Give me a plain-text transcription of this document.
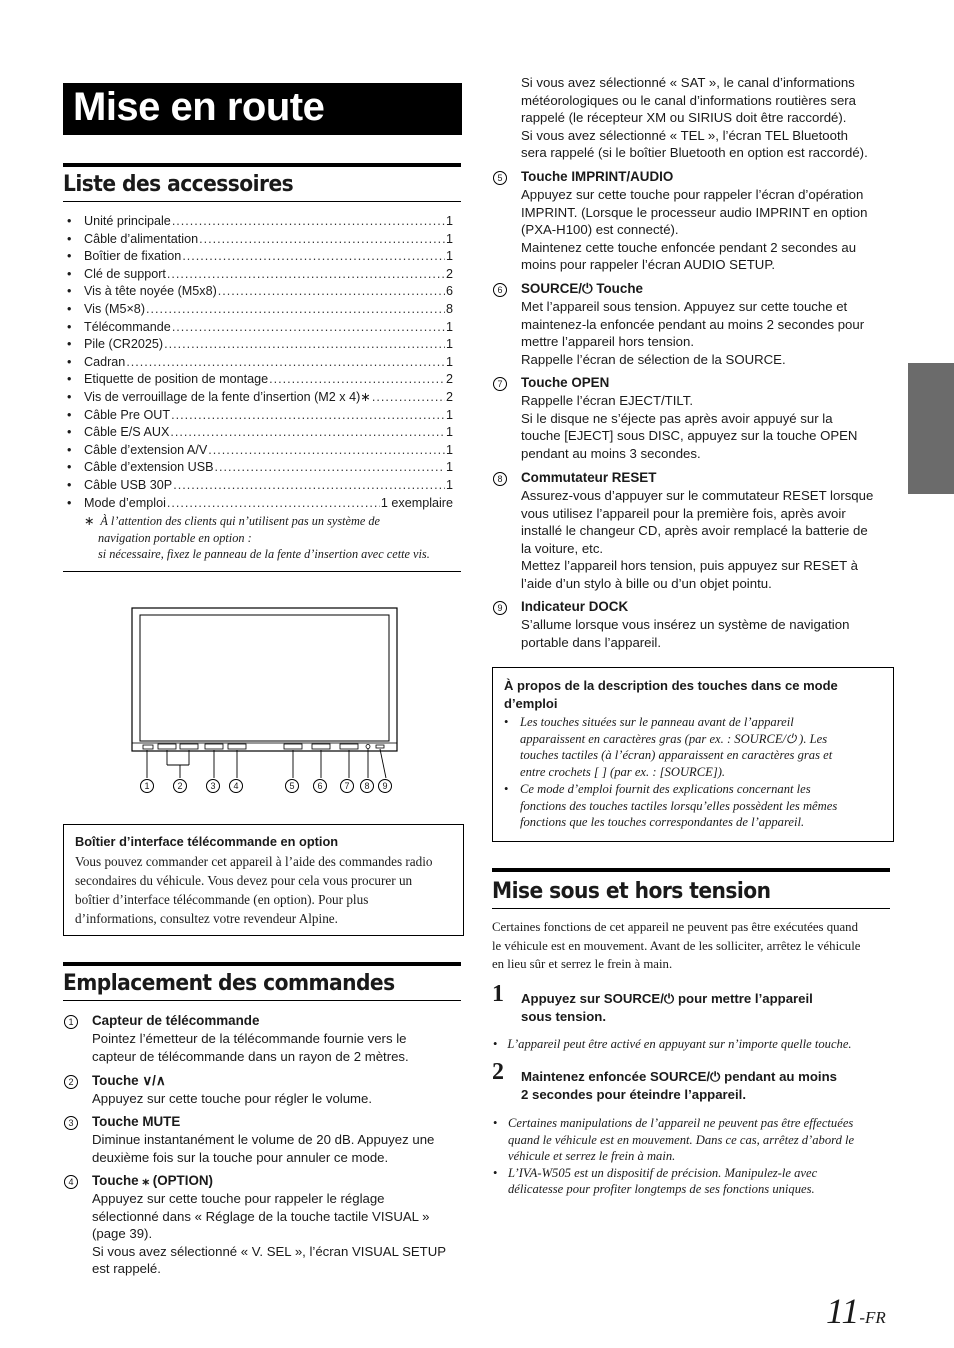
Mise en route
Liste des accessoires
• Unité principale .....	1
• Câble d’alimentation .....	1
• Boîtier de fixation .....	1
• Clé de support .....	2
• Vis à tête noyée (M5x8) .....	6
• Vis (M5×8) .....	8
• Télécommande .....	1
• Pile (CR2025) .....	1
• Cadran .....	1
• Etiquette de position de montage .....	2
• Vis de verrouillage de la fente d’insertion (M2 x 4)∗ .....	2
• Câble Pre OUT .....	1
• Câble E/S AUX .....	1
• Câble d’extension A/V .....	1
• Câble d’extension USB .....	1
• Câble USB 30P .....	1
• Mode d’emploi .....	1 exemplaire
∗ À l’attention des clients qui n’utilisent pas un système de
navigation portable en option :
si nécessaire, fixez le panneau de la fente d’insertion avec cette vis.
1	2	3	4	5	6	7	8	9
Boîtier d’interface télécommande en option
Vous pouvez commander cet appareil à l’aide des commandes radio
secondaires du véhicule. Vous devez pour cela vous procurer un
boîtier d’interface télécommande (en option). Pour plus
d’informations, consultez votre revendeur Alpine.
Emplacement des commandes
1	Capteur de télécommande
Pointez l’émetteur de la télécommande fournie vers le
capteur de télécommande dans un rayon de 2 mètres.
2	Touche ∨/∧
Appuyez sur cette touche pour régler le volume.
3	Touche MUTE
Diminue instantanément le volume de 20 dB. Appuyez une
deuxième fois sur la touche pour annuler ce mode.
4	Touche ⁎ (OPTION)
Appuyez sur cette touche pour rappeler le réglage
sélectionné dans « Réglage de la touche tactile VISUAL »
(page 39).
Si vous avez sélectionné « V. SEL », l’écran VISUAL SETUP
est rappelé.
Si vous avez sélectionné « SAT », le canal d’informations
météorologiques ou le canal d’informations routières sera
rappelé (le récepteur XM ou SIRIUS doit être raccordé).
Si vous avez sélectionné « TEL », l’écran TEL Bluetooth
sera rappelé (si le boîtier Bluetooth en option est raccordé).
5	Touche IMPRINT/AUDIO
Appuyez sur cette touche pour rappeler l’écran d’opération
IMPRINT. (Lorsque le processeur audio IMPRINT en option
(PXA-H100) est connecté).
Maintenez cette touche enfoncée pendant 2 secondes au
moins pour rappeler l’écran AUDIO SETUP.
6	SOURCE/⏻ Touche
Met l’appareil sous tension. Appuyez sur cette touche et
maintenez-la enfoncée pendant au moins 2 secondes pour
mettre l’appareil hors tension.
Rappelle l’écran de sélection de la SOURCE.
7	Touche OPEN
Rappelle l’écran EJECT/TILT.
Si le disque ne s’éjecte pas après avoir appuyé sur la
touche [EJECT] sous DISC, appuyez sur la touche OPEN
pendant au moins 3 secondes.
8	Commutateur RESET
Assurez-vous d’appuyer sur le commutateur RESET lorsque
vous utilisez l’appareil pour la première fois, après avoir
installé le changeur CD, après avoir remplacé la batterie de
la voiture, etc.
Mettez l’appareil hors tension, puis appuyez sur RESET à
l’aide d’un stylo à bille ou d’un objet pointu.
9	Indicateur DOCK
S’allume lorsque vous insérez un système de navigation
portable dans l’appareil.
À propos de la description des touches dans ce mode
d’emploi
• Les touches situées sur le panneau avant de l’appareil
apparaissent en caractères gras (par ex. : SOURCE/⏻ ). Les
touches tactiles (à l’écran) apparaissent en caractères gras et
entre crochets [ ] (par ex. : [SOURCE]).
• Ce mode d’emploi fournit des explications concernant les
fonctions des touches tactiles lorsqu’elles possèdent les mêmes
fonctions que les touches correspondantes de l’appareil.
Mise sous et hors tension
Certaines fonctions de cet appareil ne peuvent pas être exécutées quand
le véhicule est en mouvement. Avant de les solliciter, arrêtez le véhicule
en lieu sûr et serrez le frein à main.
1 Appuyez sur SOURCE/⏻ pour mettre l’appareil
sous tension.
• L’appareil peut être activé en appuyant sur n’importe quelle touche.
2 Maintenez enfoncée SOURCE/⏻ pendant au moins
2 secondes pour éteindre l’appareil.
• Certaines manipulations de l’appareil ne peuvent pas être effectuées
quand le véhicule est en mouvement. Dans ce cas, arrêtez d’abord le
véhicule et serrez le frein à main.
• L’IVA-W505 est un dispositif de précision. Manipulez-le avec
délicatesse pour profiter longtemps de ses fonctions uniques.
11-FR
